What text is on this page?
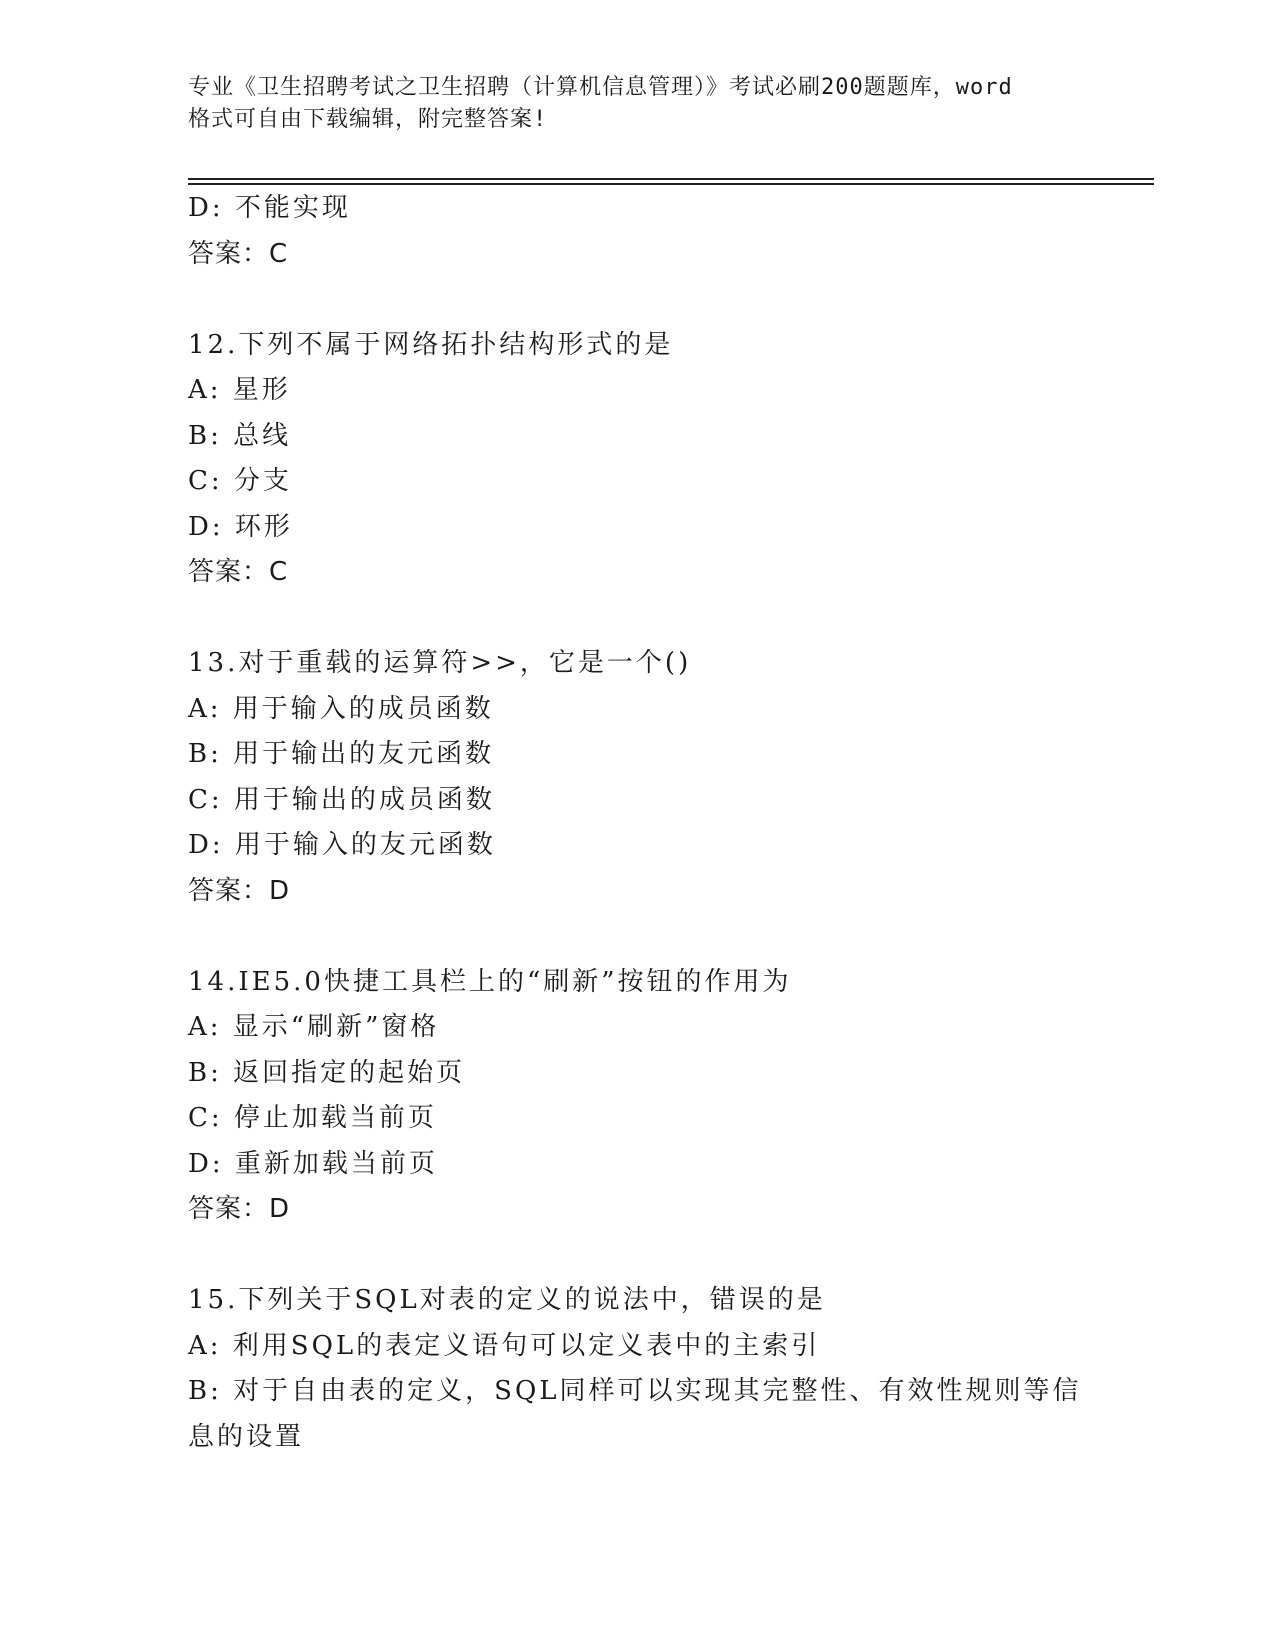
专业《卫生招聘考试之卫生招聘（计算机信息管理）》考试必刷200题题库，word
格式可自由下载编辑，附完整答案!
D: 不能实现
答案：C
12.下列不属于网络拓扑结构形式的是
A: 星形
B: 总线
C: 分支
D: 环形
答案：C
13.对于重载的运算符>>，它是一个()
A: 用于输入的成员函数
B: 用于输出的友元函数
C: 用于输出的成员函数
D: 用于输入的友元函数
答案：D
14.IE5.0快捷工具栏上的“刷新”按钮的作用为
A: 显示“刷新”窗格
B: 返回指定的起始页
C: 停止加载当前页
D: 重新加载当前页
答案：D
15.下列关于SQL对表的定义的说法中，错误的是
A: 利用SQL的表定义语句可以定义表中的主索引
B: 对于自由表的定义，SQL同样可以实现其完整性、有效性规则等信息的设置
